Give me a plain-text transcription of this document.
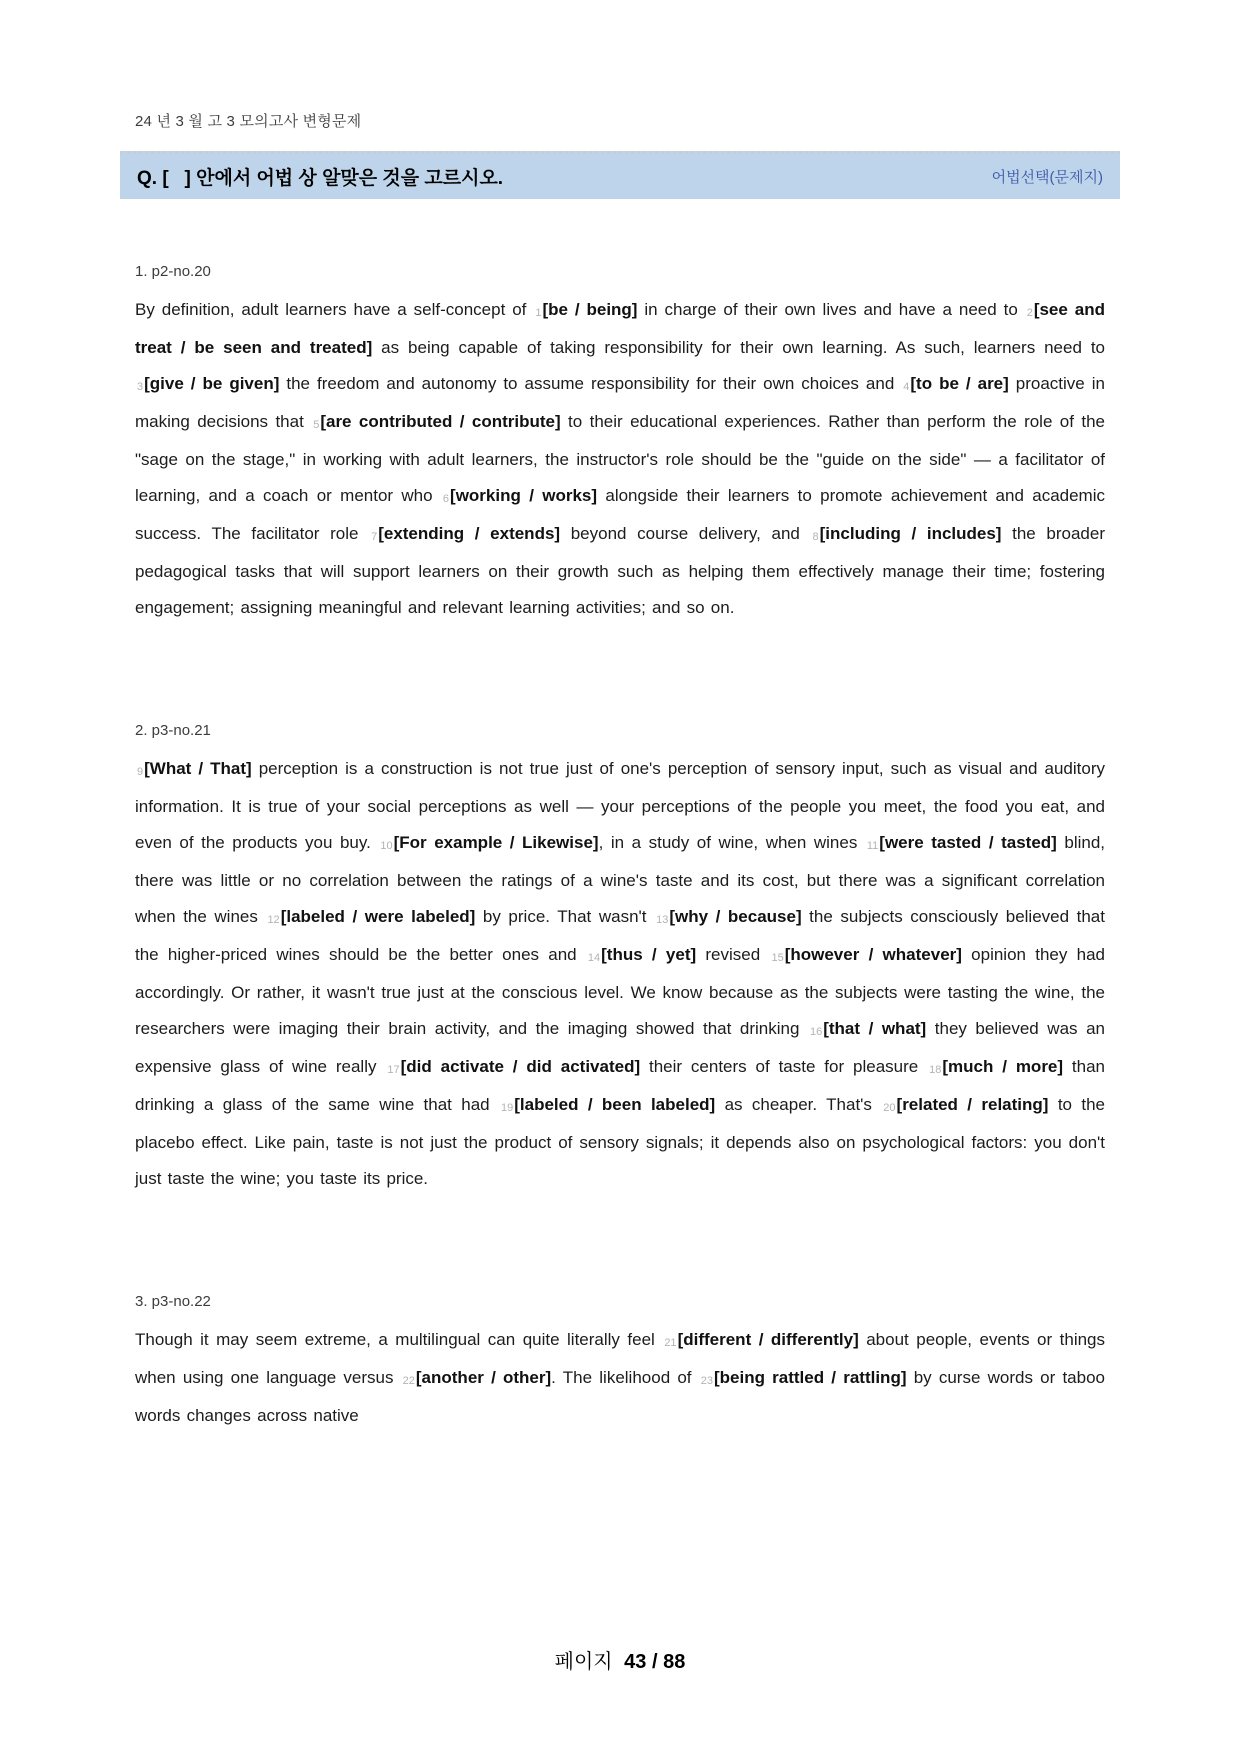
24 년 3 월 고 3 모의고사 변형문제
Q. [   ] 안에서 어법 상 알맞은 것을 고르시오.	어법선택(문제지)
1. p2-no.20

By definition, adult learners have a self-concept of 1[be / being] in charge of their own lives and have a need to 2[see and treat / be seen and treated] as being capable of taking responsibility for their own learning. As such, learners need to 3[give / be given] the freedom and autonomy to assume responsibility for their own choices and 4[to be / are] proactive in making decisions that 5[are contributed / contribute] to their educational experiences. Rather than perform the role of the "sage on the stage," in working with adult learners, the instructor's role should be the "guide on the side" — a facilitator of learning, and a coach or mentor who 6[working / works] alongside their learners to promote achievement and academic success. The facilitator role 7[extending / extends] beyond course delivery, and 8[including / includes] the broader pedagogical tasks that will support learners on their growth such as helping them effectively manage their time; fostering engagement; assigning meaningful and relevant learning activities; and so on.

2. p3-no.21

9[What / That] perception is a construction is not true just of one's perception of sensory input, such as visual and auditory information. It is true of your social perceptions as well — your perceptions of the people you meet, the food you eat, and even of the products you buy. 10[For example / Likewise], in a study of wine, when wines 11[were tasted / tasted] blind, there was little or no correlation between the ratings of a wine's taste and its cost, but there was a significant correlation when the wines 12[labeled / were labeled] by price. That wasn't 13[why / because] the subjects consciously believed that the higher-priced wines should be the better ones and 14[thus / yet] revised 15[however / whatever] opinion they had accordingly. Or rather, it wasn't true just at the conscious level. We know because as the subjects were tasting the wine, the researchers were imaging their brain activity, and the imaging showed that drinking 16[that / what] they believed was an expensive glass of wine really 17[did activate / did activated] their centers of taste for pleasure 18[much / more] than drinking a glass of the same wine that had 19[labeled / been labeled] as cheaper. That's 20[related / relating] to the placebo effect. Like pain, taste is not just the product of sensory signals; it depends also on psychological factors: you don't just taste the wine; you taste its price.

3. p3-no.22

Though it may seem extreme, a multilingual can quite literally feel 21[different / differently] about people, events or things when using one language versus 22[another / other]. The likelihood of 23[being rattled / rattling] by curse words or taboo words changes across native

페이지 43 / 88
